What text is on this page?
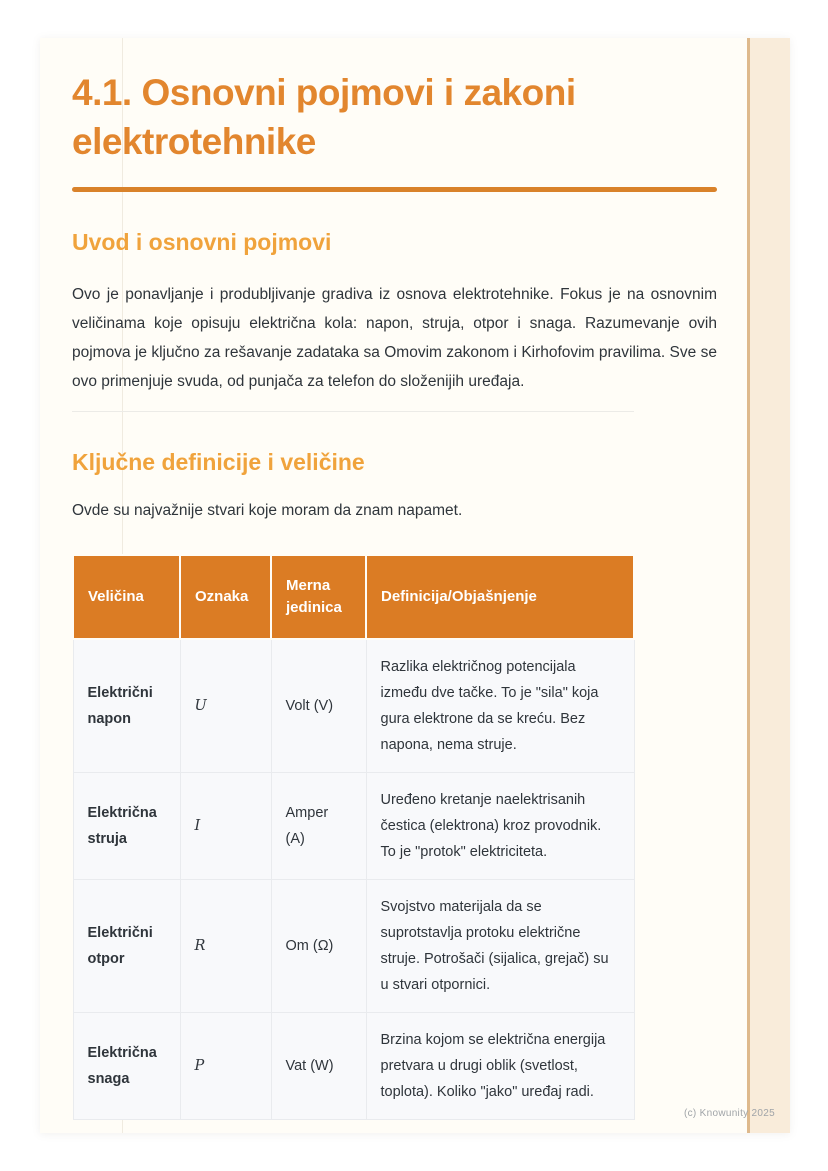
4.1. Osnovni pojmovi i zakoni elektrotehnike
Uvod i osnovni pojmovi

Ovo je ponavljanje i produbljivanje gradiva iz osnova elektrotehnike. Fokus je na osnovnim veličinama koje opisuju električna kola: napon, struja, otpor i snaga. Razumevanje ovih pojmova je ključno za rešavanje zadataka sa Omovim zakonom i Kirhofovim pravilima. Sve se ovo primenjuje svuda, od punjača za telefon do složenijih uređaja.

Ključne definicije i veličine

Ovde su najvažnije stvari koje moram da znam napamet.

Veličina	Oznaka	Merna jedinica	Definicija/Objašnjenje
Električni napon	U	Volt (V)	Razlika električnog potencijala između dve tačke. To je "sila" koja gura elektrone da se kreću. Bez napona, nema struje.
Električna struja	I	Amper (A)	Uređeno kretanje naelektrisanih čestica (elektrona) kroz provodnik. To je "protok" elektriciteta.
Električni otpor	R	Om (Ω)	Svojstvo materijala da se suprotstavlja protoku električne struje. Potrošači (sijalica, grejač) su u stvari otpornici.
Električna snaga	P	Vat (W)	Brzina kojom se električna energija pretvara u drugi oblik (svetlost, toplota). Koliko "jako" uređaj radi.
(c) Knowunity 2025
